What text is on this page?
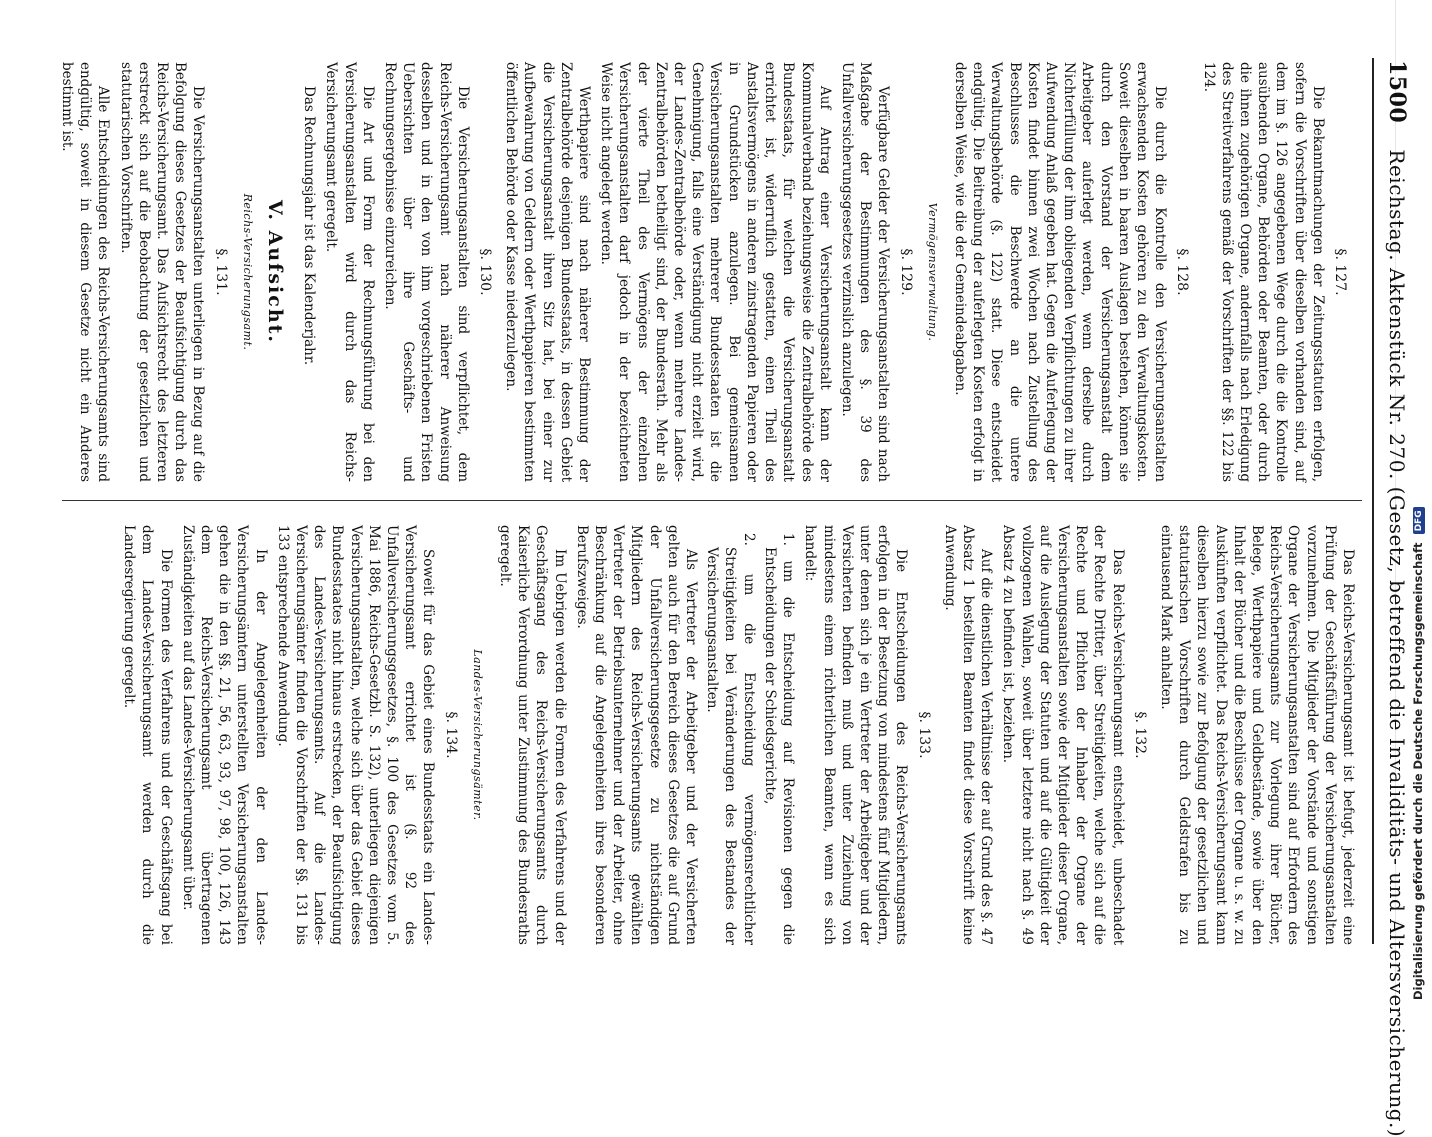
1500 Reichstag. Aktenstück Nr. 270. (Gesetz, betreffend die Invaliditäts- und Altersversicherung.)
§. 127.

Die Bekanntmachungen der Zeitungsstatuten erfolgen, sofern die Vorschriften über dieselben vorhanden sind, auf dem im §. 126 angegebenen Wege durch die die Kontrolle ausübenden Organe, Behörden oder Beamten, oder durch die ihnen zugehörigen Organe, andernfalls nach Erledigung des Streitverfahrens gemäß der Vorschriften der §§. 122 bis 124.

§. 128.

Die durch die Kontrolle den Versicherungsanstalten erwachsenden Kosten gehören zu den Verwaltungskosten. Soweit dieselben in baaren Auslagen bestehen, können sie durch den Vorstand der Versicherungsanstalt dem Arbeitgeber auferlegt werden, wenn derselbe durch Nichterfüllung der ihm obliegenden Verpflichtungen zu ihrer Aufwendung Anlaß gegeben hat. Gegen die Auferlegung der Kosten findet binnen zwei Wochen nach Zustellung des Beschlusses die Beschwerde an die untere Verwaltungsbehörde (§. 122) statt. Diese entscheidet endgültig. Die Beitreibung der auferlegten Kosten erfolgt in derselben Weise, wie die der Gemeindeabgaben.

Vermögensverwaltung.
§. 129.

Verfügbare Gelder der Versicherungsanstalten sind nach Maßgabe der Bestimmungen des §. 39 des Unfallversicherungsgesetzes verzinslich anzulegen.

Auf Antrag einer Versicherungsanstalt kann der Kommunalverband beziehungsweise die Zentralbehörde des Bundesstaats, für welchen die Versicherungsanstalt errichtet ist, widerruflich gestatten, einen Theil des Anstaltsvermögens in anderen zinstragenden Papieren oder in Grundstücken anzulegen. Bei gemeinsamen Versicherungsanstalten mehrerer Bundesstaaten ist die Genehmigung, falls eine Verständigung nicht erzielt wird, der Landes-Zentralbehörde oder, wenn mehrere Landes-Zentralbehörden betheiligt sind, der Bundesrath. Mehr als der vierte Theil des Vermögens der einzelnen Versicherungsanstalten darf jedoch in der bezeichneten Weise nicht angelegt werden.

Werthpapiere sind nach näherer Bestimmung der Zentralbehörde desjenigen Bundesstaats, in dessen Gebiet die Versicherungsanstalt ihren Sitz hat, bei einer zur Aufbewahrung von Geldern oder Werthpapieren bestimmten öffentlichen Behörde oder Kasse niederzulegen.

§. 130.

Die Versicherungsanstalten sind verpflichtet, dem Reichs-Versicherungsamt nach näherer Anweisung desselben und in den von ihm vorgeschriebenen Fristen Uebersichten über ihre Geschäfts- und Rechnungsergebnisse einzureichen.

Die Art und Form der Rechnungsführung bei den Versicherungsanstalten wird durch das Reichs-Versicherungsamt geregelt.

Das Rechnungsjahr ist das Kalenderjahr.

V. Aufsicht.
Reichs-Versicherungsamt.
§. 131.

Die Versicherungsanstalten unterliegen in Bezug auf die Befolgung dieses Gesetzes der Beaufsichtigung durch das Reichs-Versicherungsamt. Das Aufsichtsrecht des letzteren erstreckt sich auf die Beobachtung der gesetzlichen und statutarischen Vorschriften.

Alle Entscheidungen des Reichs-Versicherungsamts sind endgültig, soweit in diesem Gesetze nicht ein Anderes bestimmt ist.

Das Reichs-Versicherungsamt ist befugt, jederzeit eine Prüfung der Geschäftsführung der Versicherungsanstalten vorzunehmen. Die Mitglieder der Vorstände und sonstigen Organe der Versicherungsanstalten sind auf Erfordern des Reichs-Versicherungsamts zur Vorlegung ihrer Bücher, Belege, Werthpapiere und Geldbestände, sowie über den Inhalt der Bücher und die Beschlüsse der Organe u. s. w. zu Auskünften verpflichtet. Das Reichs-Versicherungsamt kann dieselben hierzu sowie zur Befolgung der gesetzlichen und statutarischen Vorschriften durch Geldstrafen bis zu eintausend Mark anhalten.

§. 132.

Das Reichs-Versicherungsamt entscheidet, unbeschadet der Rechte Dritter, über Streitigkeiten, welche sich auf die Rechte und Pflichten der Inhaber der Organe der Versicherungsanstalten sowie der Mitglieder dieser Organe, auf die Auslegung der Statuten und auf die Gültigkeit der vollzogenen Wahlen, soweit über letztere nicht nach §. 49 Absatz 4 zu befinden ist, beziehen.

Auf die dienstlichen Verhältnisse der auf Grund des §. 47 Absatz 1 bestellten Beamten findet diese Vorschrift keine Anwendung.

§. 133.

Die Entscheidungen des Reichs-Versicherungsamts erfolgen in der Besetzung von mindestens fünf Mitgliedern, unter denen sich je ein Vertreter der Arbeitgeber und der Versicherten befinden muß und unter Zuziehung von mindestens einem richterlichen Beamten, wenn es sich handelt:

1. um die Entscheidung auf Revisionen gegen die Entscheidungen der Schiedsgerichte,
2. um die Entscheidung vermögensrechtlicher Streitigkeiten bei Veränderungen des Bestandes der Versicherungsanstalten.

Als Vertreter der Arbeitgeber und der Versicherten gelten auch für den Bereich dieses Gesetzes die auf Grund der Unfallversicherungsgesetze zu nichtständigen Mitgliedern des Reichs-Versicherungsamts gewählten Vertreter der Betriebsunternehmer und der Arbeiter, ohne Beschränkung auf die Angelegenheiten ihres besonderen Berufszweiges.

Im Uebrigen werden die Formen des Verfahrens und der Geschäftsgang des Reichs-Versicherungsamts durch Kaiserliche Verordnung unter Zustimmung des Bundesraths geregelt.

Landes-Versicherungsämter.
§. 134.

Soweit für das Gebiet eines Bundesstaats ein Landes-Versicherungsamt errichtet ist (§. 92 des Unfallversicherungsgesetzes, §. 100 des Gesetzes vom 5. Mai 1886, Reichs-Gesetzbl. S. 132), unterliegen diejenigen Versicherungsanstalten, welche sich über das Gebiet dieses Bundesstaates nicht hinaus erstrecken, der Beaufsichtigung des Landes-Versicherungsamts. Auf die Landes-Versicherungsämter finden die Vorschriften der §§. 131 bis 133 entsprechende Anwendung.

In der Angelegenheiten der den Landes-Versicherungsämtern unterstellten Versicherungsanstalten gehen die in den §§. 21, 56, 63, 93, 97, 98, 100, 126, 143 dem Reichs-Versicherungsamt übertragenen Zuständigkeiten auf das Landes-Versicherungsamt über.

Die Formen des Verfahrens und der Geschäftsgang bei dem Landes-Versicherungsamt werden durch die Landesregierung geregelt.	Digitalisierung gefördert durch die Deutsche Forschungsgemeinschaft DFG
